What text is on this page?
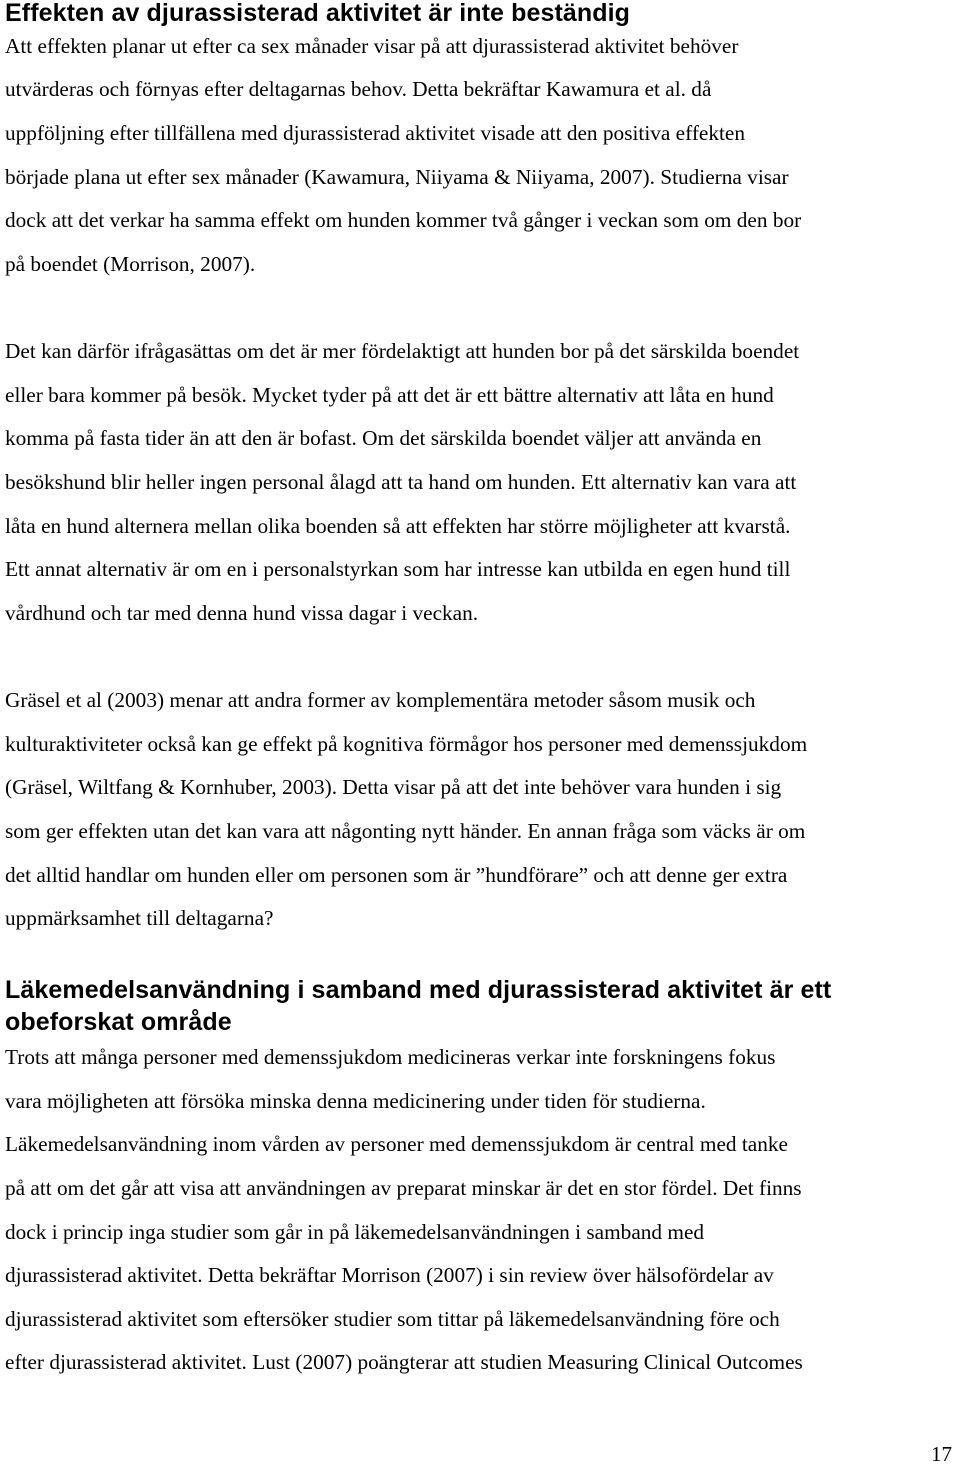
Effekten av djurassisterad aktivitet är inte beständig
Att effekten planar ut efter ca sex månader visar på att djurassisterad aktivitet behöver
utvärderas och förnyas efter deltagarnas behov. Detta bekräftar Kawamura et al. då
uppföljning efter tillfällena med djurassisterad aktivitet visade att den positiva effekten
började plana ut efter sex månader (Kawamura, Niiyama & Niiyama, 2007). Studierna visar
dock att det verkar ha samma effekt om hunden kommer två gånger i veckan som om den bor
på boendet (Morrison, 2007).
Det kan därför ifrågasättas om det är mer fördelaktigt att hunden bor på det särskilda boendet
eller bara kommer på besök. Mycket tyder på att det är ett bättre alternativ att låta en hund
komma på fasta tider än att den är bofast. Om det särskilda boendet väljer att använda en
besökshund blir heller ingen personal ålagd att ta hand om hunden. Ett alternativ kan vara att
låta en hund alternera mellan olika boenden så att effekten har större möjligheter att kvarstå.
Ett annat alternativ är om en i personalstyrkan som har intresse kan utbilda en egen hund till
vårdhund och tar med denna hund vissa dagar i veckan.
Gräsel et al (2003) menar att andra former av komplementära metoder såsom musik och
kulturaktiviteter också kan ge effekt på kognitiva förmågor hos personer med demenssjukdom
(Gräsel, Wiltfang & Kornhuber, 2003). Detta visar på att det inte behöver vara hunden i sig
som ger effekten utan det kan vara att någonting nytt händer. En annan fråga som väcks är om
det alltid handlar om hunden eller om personen som är ”hundförare” och att denne ger extra
uppmärksamhet till deltagarna?
Läkemedelsanvändning i samband med djurassisterad aktivitet är ett
obeforskat område
Trots att många personer med demenssjukdom medicineras verkar inte forskningens fokus
vara möjligheten att försöka minska denna medicinering under tiden för studierna.
Läkemedelsanvändning inom vården av personer med demenssjukdom är central med tanke
på att om det går att visa att användningen av preparat minskar är det en stor fördel. Det finns
dock i princip inga studier som går in på läkemedelsanvändningen i samband med
djurassisterad aktivitet. Detta bekräftar Morrison (2007) i sin review över hälsofördelar av
djurassisterad aktivitet som eftersöker studier som tittar på läkemedelsanvändning före och
efter djurassisterad aktivitet. Lust (2007) poängterar att studien Measuring Clinical Outcomes
17
